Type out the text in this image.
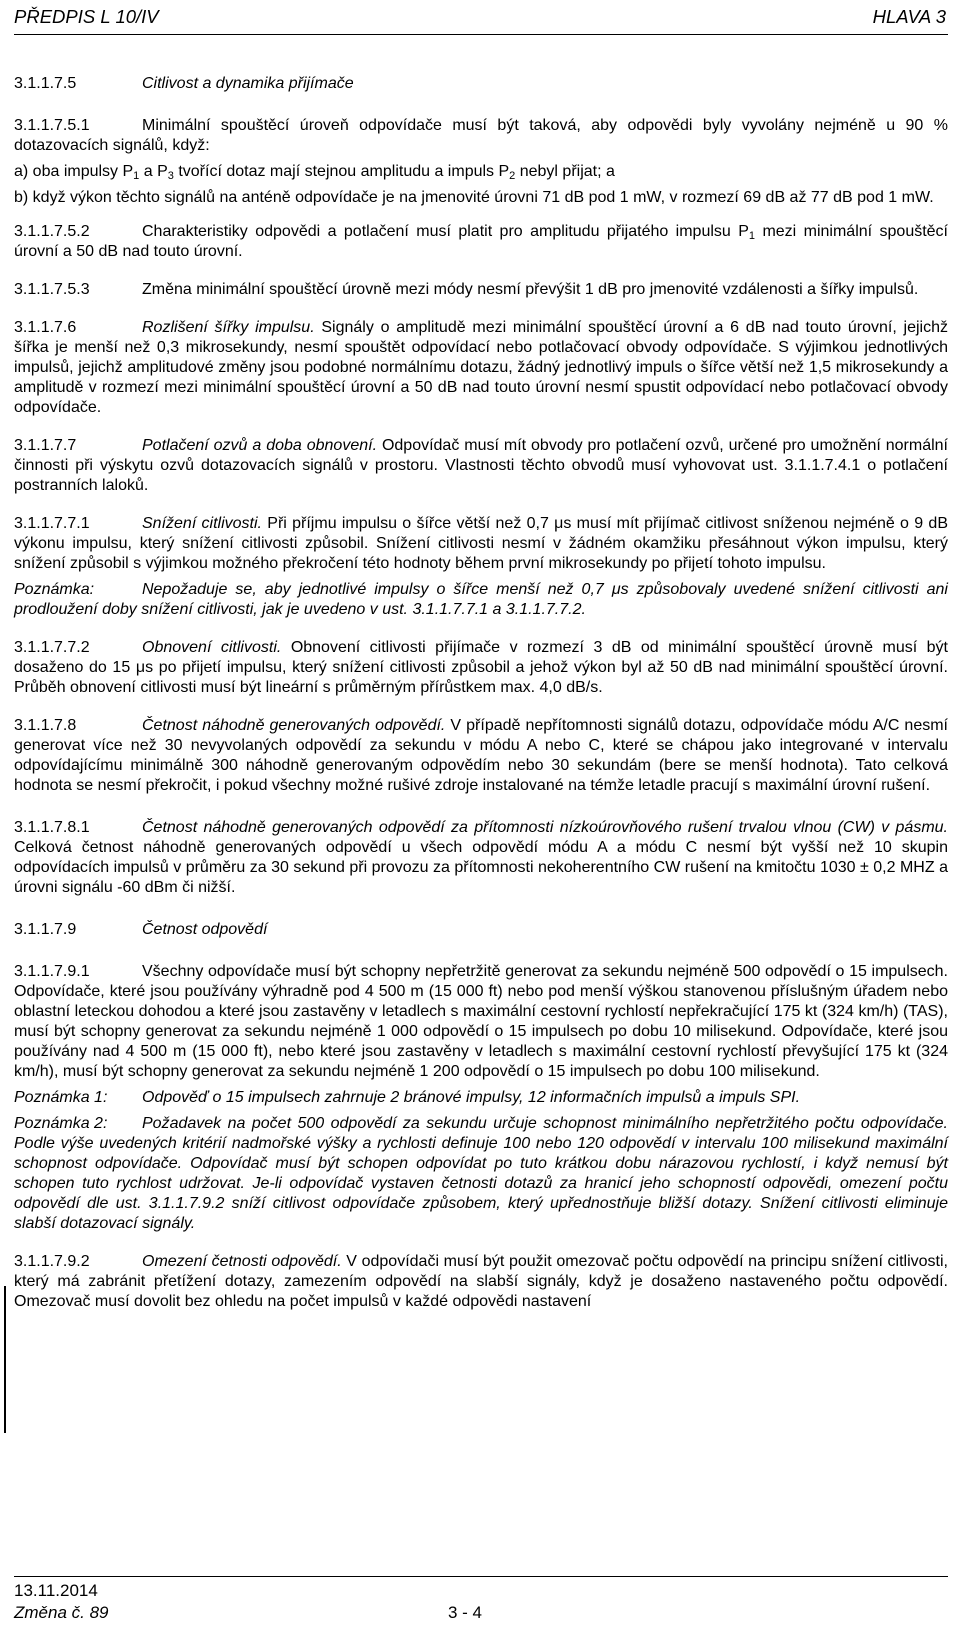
PŘEDPIS L 10/IV	HLAVA 3

3.1.1.7.5	Citlivost a dynamika přijímače

3.1.1.7.5.1	Minimální spouštěcí úroveň odpovídače musí být taková, aby odpovědi byly vyvolány nejméně u 90 % dotazovacích signálů, když:

a) oba impulsy $P_1$ a $P_3$ tvořící dotaz mají stejnou amplitudu a impuls $P_2$ nebyl přijat; a

b) když výkon těchto signálů na anténě odpovídače je na jmenovité úrovni 71 dB pod 1 mW, v rozmezí 69 dB až 77 dB pod 1 mW.

3.1.1.7.5.2	Charakteristiky odpovědi a potlačení musí platit pro amplitudu přijatého impulsu $P_1$ mezi minimální spouštěcí úrovní a 50 dB nad touto úrovní.

3.1.1.7.5.3	Změna minimální spouštěcí úrovně mezi módy nesmí převýšit 1 dB pro jmenovité vzdálenosti a šířky impulsů.

3.1.1.7.6	Rozlišení šířky impulsu. Signály o amplitudě mezi minimální spouštěcí úrovní a 6 dB nad touto úrovní, jejichž šířka je menší než 0,3 mikrosekundy, nesmí spouštět odpovídací nebo potlačovací obvody odpovídače. S výjimkou jednotlivých impulsů, jejichž amplitudové změny jsou podobné normálnímu dotazu, žádný jednotlivý impuls o šířce větší než 1,5 mikrosekundy a amplitudě v rozmezí mezi minimální spouštěcí úrovní a 50 dB nad touto úrovní nesmí spustit odpovídací nebo potlačovací obvody odpovídače.

3.1.1.7.7	Potlačení ozvů a doba obnovení. Odpovídač musí mít obvody pro potlačení ozvů, určené pro umožnění normální činnosti při výskytu ozvů dotazovacích signálů v prostoru. Vlastnosti těchto obvodů musí vyhovovat ust. 3.1.1.7.4.1 o potlačení postranních laloků.

3.1.1.7.7.1	Snížení citlivosti. Při příjmu impulsu o šířce větší než 0,7 μs musí mít přijímač citlivost sníženou nejméně o 9 dB výkonu impulsu, který snížení citlivosti způsobil. Snížení citlivosti nesmí v žádném okamžiku přesáhnout výkon impulsu, který snížení způsobil s výjimkou možného překročení této hodnoty během první mikrosekundy po přijetí tohoto impulsu.

Poznámka:	Nepožaduje se, aby jednotlivé impulsy o šířce menší než 0,7 μs způsobovaly uvedené snížení citlivosti ani prodloužení doby snížení citlivosti, jak je uvedeno v ust. 3.1.1.7.7.1 a 3.1.1.7.7.2.

3.1.1.7.7.2	Obnovení citlivosti. Obnovení citlivosti přijímače v rozmezí 3 dB od minimální spouštěcí úrovně musí být dosaženo do 15 μs po přijetí impulsu, který snížení citlivosti způsobil a jehož výkon byl až 50 dB nad minimální spouštěcí úrovní. Průběh obnovení citlivosti musí být lineární s průměrným přírůstkem max. 4,0 dB/s.

3.1.1.7.8	Četnost náhodně generovaných odpovědí. V případě nepřítomnosti signálů dotazu, odpovídače módu A/C nesmí generovat více než 30 nevyvolaných odpovědí za sekundu v módu A nebo C, které se chápou jako integrované v intervalu odpovídajícímu minimálně 300 náhodně generovaným odpovědím nebo 30 sekundám (bere se menší hodnota). Tato celková hodnota se nesmí překročit, i pokud všechny možné rušivé zdroje instalované na témže letadle pracují s maximální úrovní rušení.

3.1.1.7.8.1	Četnost náhodně generovaných odpovědí za přítomnosti nízkoúrovňového rušení trvalou vlnou (CW) v pásmu. Celková četnost náhodně generovaných odpovědí u všech odpovědí módu A a módu C nesmí být vyšší než 10 skupin odpovídacích impulsů v průměru za 30 sekund při provozu za přítomnosti nekoherentního CW rušení na kmitočtu 1030 ± 0,2 MHZ a úrovni signálu -60 dBm či nižší.

3.1.1.7.9	Četnost odpovědí

3.1.1.7.9.1	Všechny odpovídače musí být schopny nepřetržitě generovat za sekundu nejméně 500 odpovědí o 15 impulsech. Odpovídače, které jsou používány výhradně pod 4 500 m (15 000 ft) nebo pod menší výškou stanovenou příslušným úřadem nebo oblastní leteckou dohodou a které jsou zastavěny v letadlech s maximální cestovní rychlostí nepřekračující 175 kt (324 km/h) (TAS), musí být schopny generovat za sekundu nejméně 1 000 odpovědí o 15 impulsech po dobu 10 milisekund. Odpovídače, které jsou používány nad 4 500 m (15 000 ft), nebo které jsou zastavěny v letadlech s maximální cestovní rychlostí převyšující 175 kt (324 km/h), musí být schopny generovat za sekundu nejméně 1 200 odpovědí o 15 impulsech po dobu 100 milisekund.

Poznámka 1: Odpověď o 15 impulsech zahrnuje 2 bránové impulsy, 12 informačních impulsů a impuls SPI.

Poznámka 2: Požadavek na počet 500 odpovědí za sekundu určuje schopnost minimálního nepřetržitého počtu odpovídače. Podle výše uvedených kritérií nadmořské výšky a rychlosti definuje 100 nebo 120 odpovědí v intervalu 100 milisekund maximální schopnost odpovídače. Odpovídač musí být schopen odpovídat po tuto krátkou dobu nárazovou rychlostí, i když nemusí být schopen tuto rychlost udržovat. Je-li odpovídač vystaven četnosti dotazů za hranicí jeho schopností odpovědi, omezení počtu odpovědí dle ust. 3.1.1.7.9.2 sníží citlivost odpovídače způsobem, který upřednostňuje bližší dotazy. Snížení citlivosti eliminuje slabší dotazovací signály.

3.1.1.7.9.2	Omezení četnosti odpovědí. V odpovídači musí být použit omezovač počtu odpovědí na principu snížení citlivosti, který má zabránit přetížení dotazy, zamezením odpovědí na slabší signály, když je dosaženo nastaveného počtu odpovědí. Omezovač musí dovolit bez ohledu na počet impulsů v každé odpovědi nastavení

13.11.2014
Změna č. 89	3 - 4
